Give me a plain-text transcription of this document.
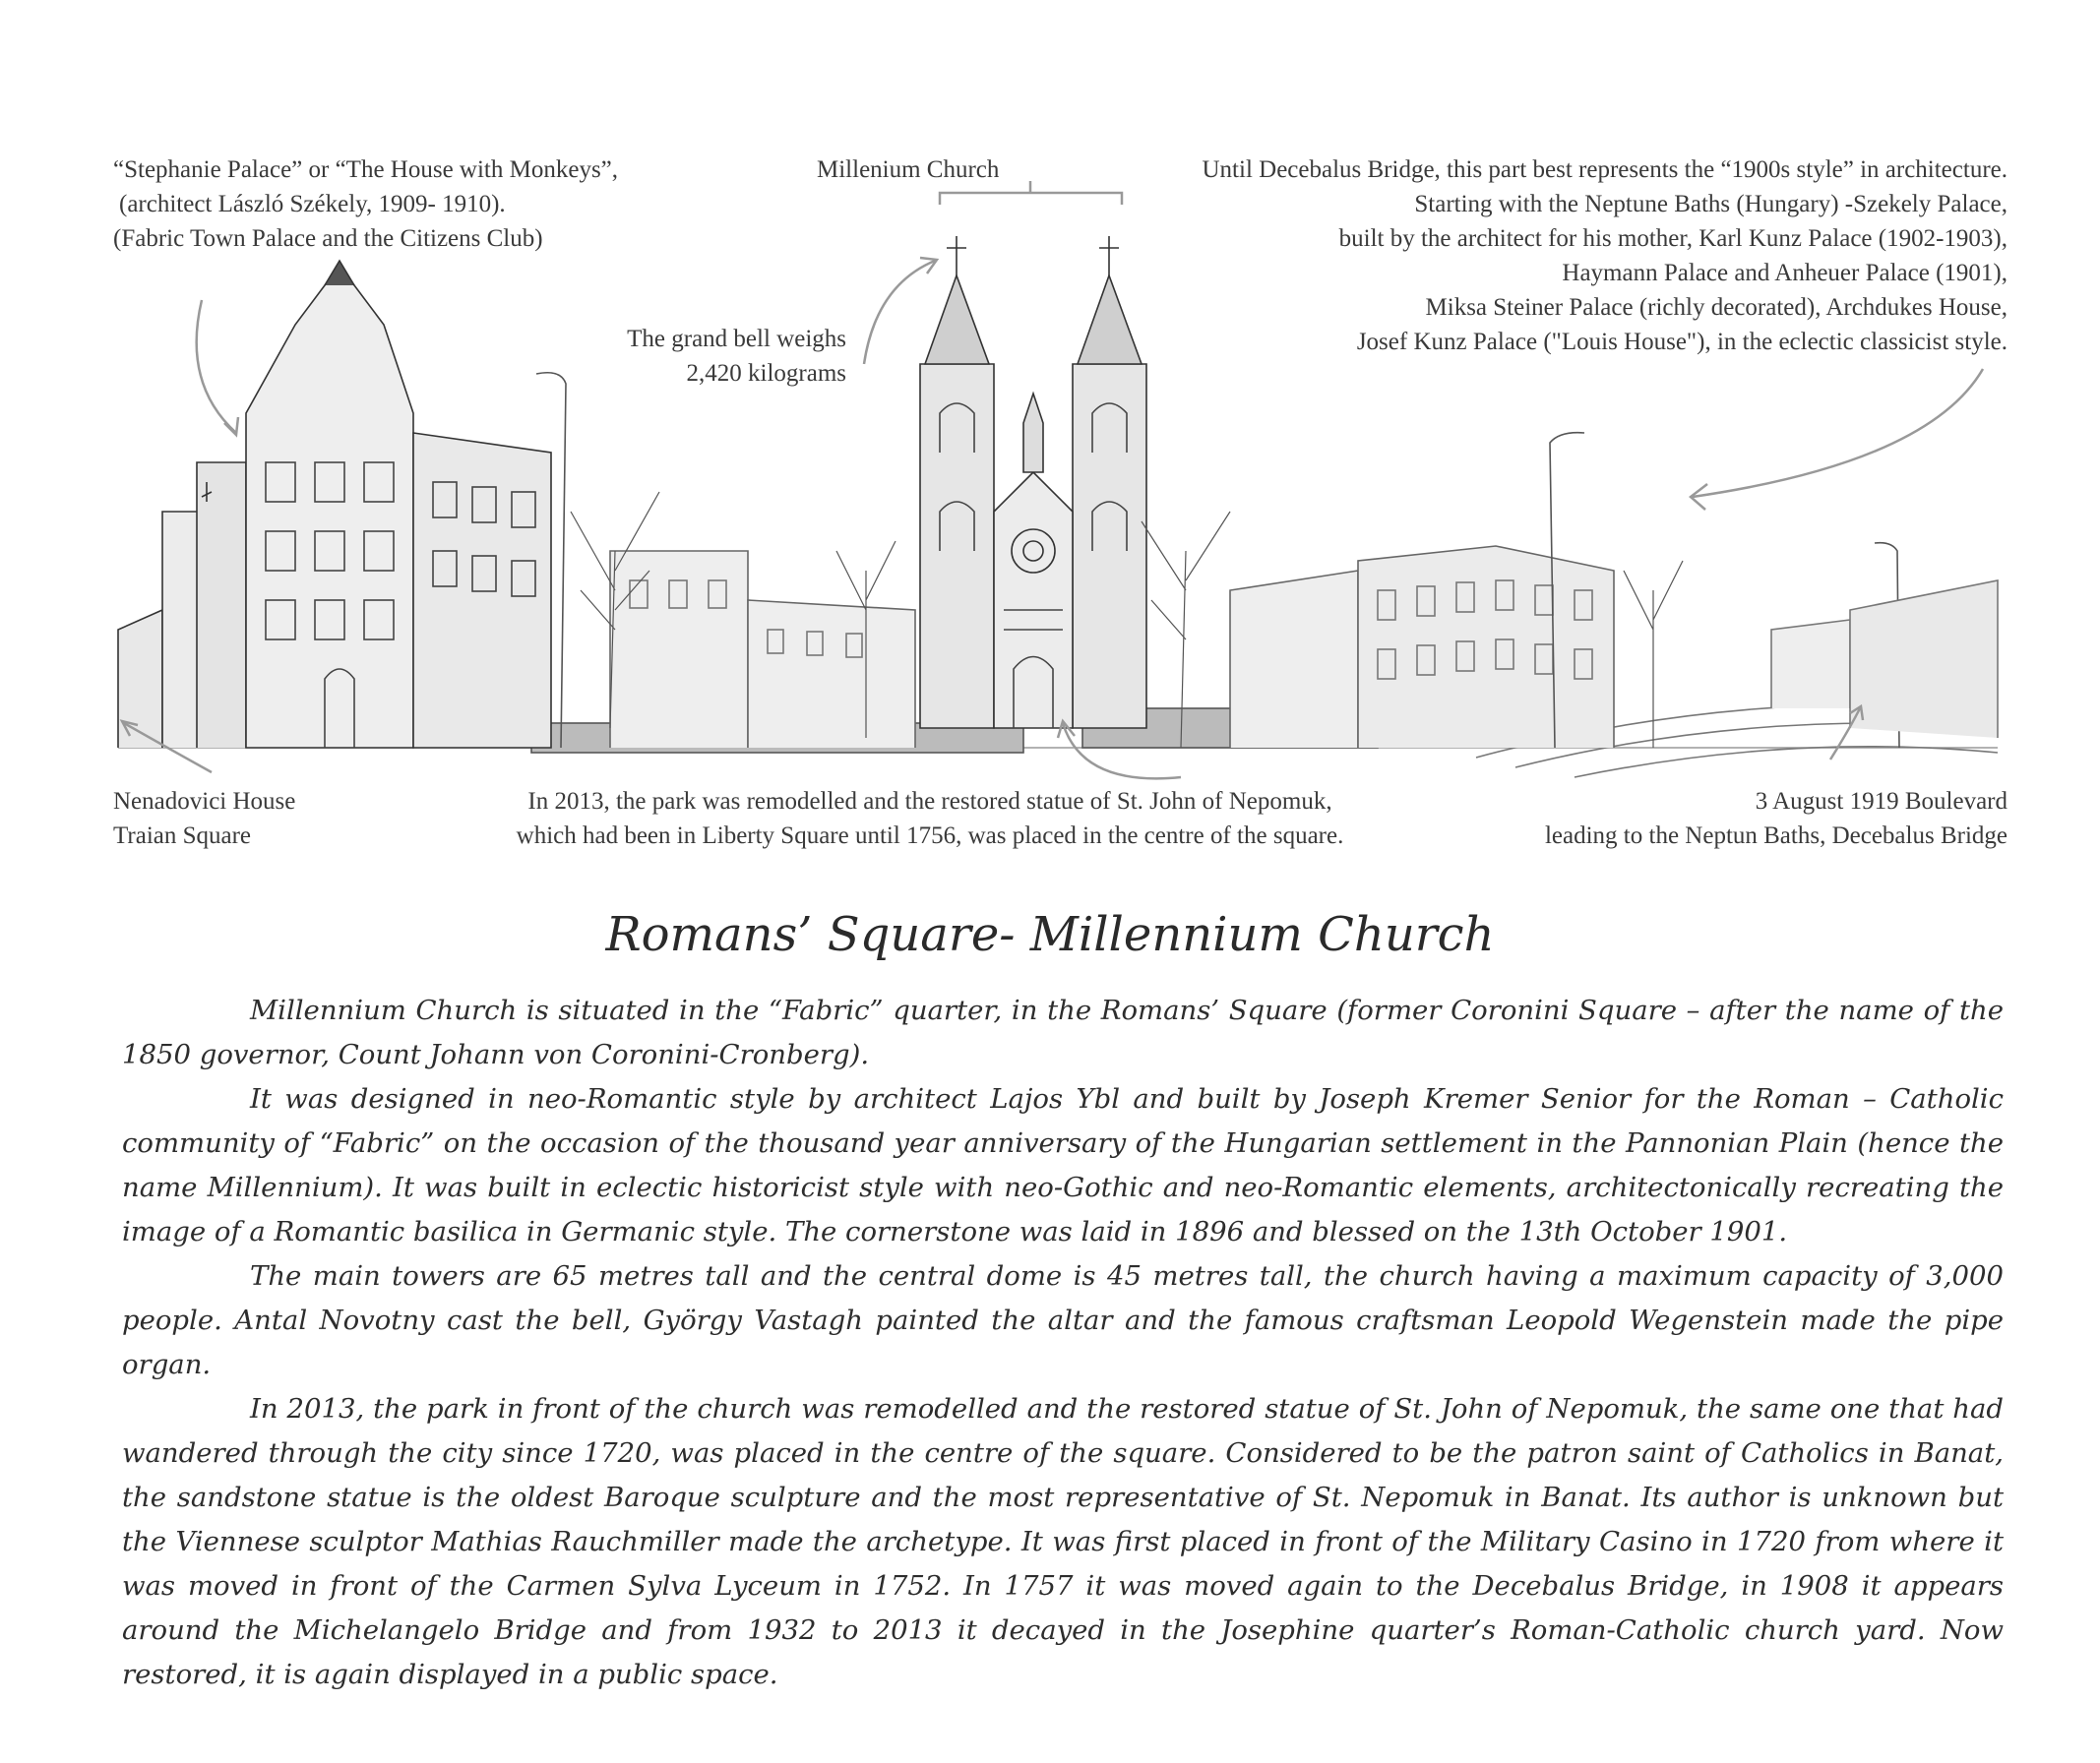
“Stephanie Palace” or “The House with Monkeys”,
(architect László Székely, 1909- 1910).
(Fabric Town Palace and the Citizens Club)
Millenium Church
The grand bell weighs
2,420 kilograms
Until Decebalus Bridge, this part best represents the “1900s style” in architecture.
Starting with the Neptune Baths (Hungary) -Szekely Palace,
built by the architect for his mother, Karl Kunz Palace (1902-1903),
Haymann Palace and Anheuer Palace (1901),
Miksa Steiner Palace (richly decorated), Archdukes House,
Josef Kunz Palace ("Louis House"), in the eclectic classicist style.
Nenadovici House
Traian Square
In 2013, the park was remodelled and the restored statue of St. John of Nepomuk,
which had been in Liberty Square until 1756, was placed in the centre of the square.
3 August 1919 Boulevard
leading to the Neptun Baths, Decebalus Bridge
Romans’ Square- Millennium Church

Millennium Church is situated in the “Fabric” quarter, in the Romans’ Square (former Coronini Square – after the name of the 1850 governor, Count Johann von Coronini-Cronberg).

It was designed in neo-Romantic style by architect Lajos Ybl and built by Joseph Kremer Senior for the Roman – Catholic community of “Fabric” on the occasion of the thousand year anniversary of the Hungarian settlement in the Pannonian Plain (hence the name Millennium). It was built in eclectic historicist style with neo-Gothic and neo-Romantic elements, architectonically recreating the image of a Romantic basilica in Germanic style. The cornerstone was laid in 1896 and blessed on the 13th October 1901.

The main towers are 65 metres tall and the central dome is 45 metres tall, the church having a maximum capacity of 3,000 people. Antal Novotny cast the bell, György Vastagh painted the altar and the famous craftsman Leopold Wegenstein made the pipe organ.

In 2013, the park in front of the church was remodelled and the restored statue of St. John of Nepomuk, the same one that had wandered through the city since 1720, was placed in the centre of the square. Considered to be the patron saint of Catholics in Banat, the sandstone statue is the oldest Baroque sculpture and the most representative of St. Nepomuk in Banat. Its author is unknown but the Viennese sculptor Mathias Rauchmiller made the archetype. It was first placed in front of the Military Casino in 1720 from where it was moved in front of the Carmen Sylva Lyceum in 1752. In 1757 it was moved again to the Decebalus Bridge, in 1908 it appears around the Michelangelo Bridge and from 1932 to 2013 it decayed in the Josephine quarter’s Roman-Catholic church yard. Now restored, it is again displayed in a public space.
